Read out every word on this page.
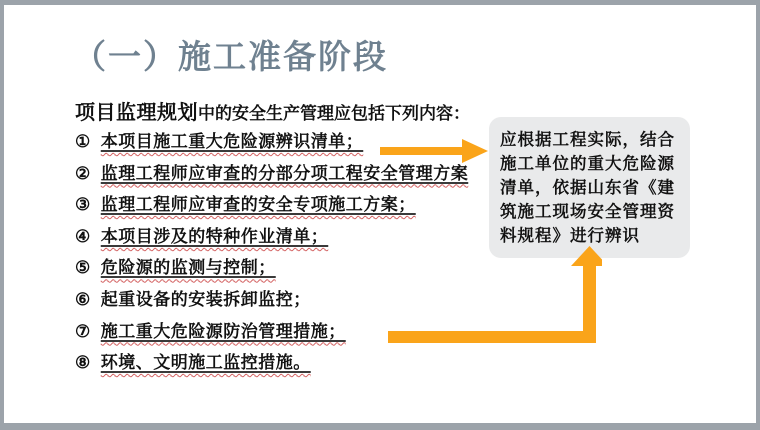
（一）施工准备阶段
项目监理规划中的安全生产管理应包括下列内容：
① 本项目施工重大危险源辨识清单；
② 监理工程师应审查的分部分项工程安全管理方案
③ 监理工程师应审查的安全专项施工方案；
④ 本项目涉及的特种作业清单；
⑤ 危险源的监测与控制；
⑥ 起重设备的安装拆卸监控；
⑦ 施工重大危险源防治管理措施；
⑧ 环境、文明施工监控措施。
应根据工程实际，结合施工单位的重大危险源清单，依据山东省《建筑施工现场安全管理资料规程》进行辨识
